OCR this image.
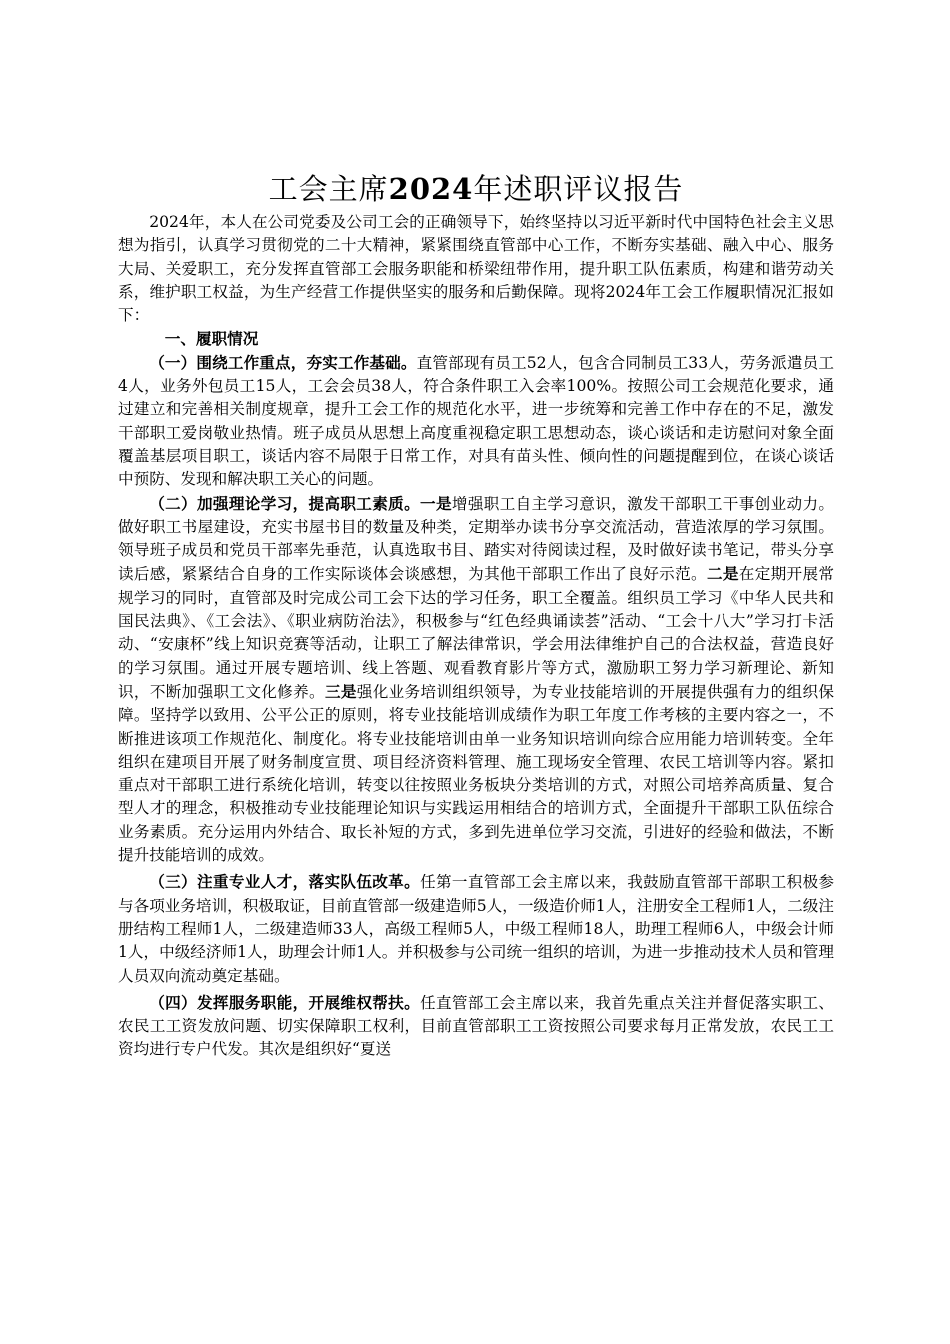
工会主席2024年述职评议报告

2024年，本人在公司党委及公司工会的正确领导下，始终坚持以习近平新时代中国特色社会主义思想为指引，认真学习贯彻党的二十大精神，紧紧围绕直管部中心工作，不断夯实基础、融入中心、服务大局、关爱职工，充分发挥直管部工会服务职能和桥梁纽带作用，提升职工队伍素质，构建和谐劳动关系，维护职工权益，为生产经营工作提供坚实的服务和后勤保障。现将2024年工会工作履职情况汇报如下：

一、履职情况

（一）围绕工作重点，夯实工作基础。直管部现有员工52人，包含合同制员工33人，劳务派遣员工4人，业务外包员工15人，工会会员38人，符合条件职工入会率100%。按照公司工会规范化要求，通过建立和完善相关制度规章，提升工会工作的规范化水平，进一步统筹和完善工作中存在的不足，激发干部职工爱岗敬业热情。班子成员从思想上高度重视稳定职工思想动态，谈心谈话和走访慰问对象全面覆盖基层项目职工，谈话内容不局限于日常工作，对具有苗头性、倾向性的问题提醒到位，在谈心谈话中预防、发现和解决职工关心的问题。

（二）加强理论学习，提高职工素质。一是增强职工自主学习意识，激发干部职工干事创业动力。做好职工书屋建设，充实书屋书目的数量及种类，定期举办读书分享交流活动，营造浓厚的学习氛围。领导班子成员和党员干部率先垂范，认真选取书目、踏实对待阅读过程，及时做好读书笔记，带头分享读后感，紧紧结合自身的工作实际谈体会谈感想，为其他干部职工作出了良好示范。二是在定期开展常规学习的同时，直管部及时完成公司工会下达的学习任务，职工全覆盖。组织员工学习《中华人民共和国民法典》、《工会法》、《职业病防治法》，积极参与“红色经典诵读荟”活动、“工会十八大”学习打卡活动、“安康杯”线上知识竞赛等活动，让职工了解法律常识，学会用法律维护自己的合法权益，营造良好的学习氛围。通过开展专题培训、线上答题、观看教育影片等方式，激励职工努力学习新理论、新知识，不断加强职工文化修养。三是强化业务培训组织领导，为专业技能培训的开展提供强有力的组织保障。坚持学以致用、公平公正的原则，将专业技能培训成绩作为职工年度工作考核的主要内容之一，不断推进该项工作规范化、制度化。将专业技能培训由单一业务知识培训向综合应用能力培训转变。全年组织在建项目开展了财务制度宣贯、项目经济资料管理、施工现场安全管理、农民工培训等内容。紧扣重点对干部职工进行系统化培训，转变以往按照业务板块分类培训的方式，对照公司培养高质量、复合型人才的理念，积极推动专业技能理论知识与实践运用相结合的培训方式，全面提升干部职工队伍综合业务素质。充分运用内外结合、取长补短的方式，多到先进单位学习交流，引进好的经验和做法，不断提升技能培训的成效。

（三）注重专业人才，落实队伍改革。任第一直管部工会主席以来，我鼓励直管部干部职工积极参与各项业务培训，积极取证，目前直管部一级建造师5人，一级造价师1人，注册安全工程师1人，二级注册结构工程师1人，二级建造师33人，高级工程师5人，中级工程师18人，助理工程师6人，中级会计师1人，中级经济师1人，助理会计师1人。并积极参与公司统一组织的培训，为进一步推动技术人员和管理人员双向流动奠定基础。

（四）发挥服务职能，开展维权帮扶。任直管部工会主席以来，我首先重点关注并督促落实职工、农民工工资发放问题、切实保障职工权利，目前直管部职工工资按照公司要求每月正常发放，农民工工资均进行专户代发。其次是组织好“夏送
